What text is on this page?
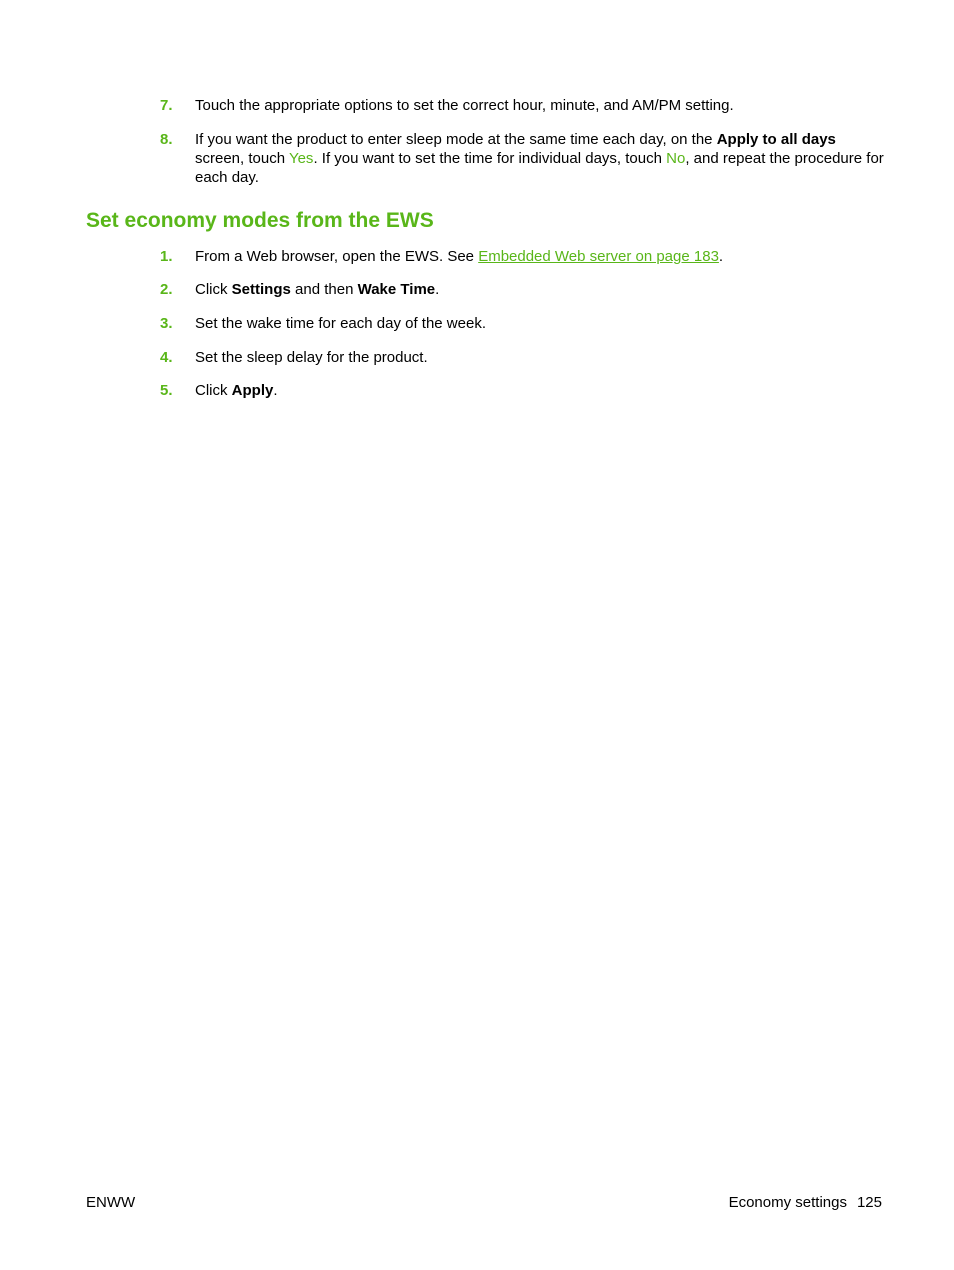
7.	Touch the appropriate options to set the correct hour, minute, and AM/PM setting.
8.	If you want the product to enter sleep mode at the same time each day, on the Apply to all days screen, touch Yes. If you want to set the time for individual days, touch No, and repeat the procedure for each day.
Set economy modes from the EWS
1.	From a Web browser, open the EWS. See Embedded Web server on page 183.
2.	Click Settings and then Wake Time.
3.	Set the wake time for each day of the week.
4.	Set the sleep delay for the product.
5.	Click Apply.
ENWW	Economy settings 125
